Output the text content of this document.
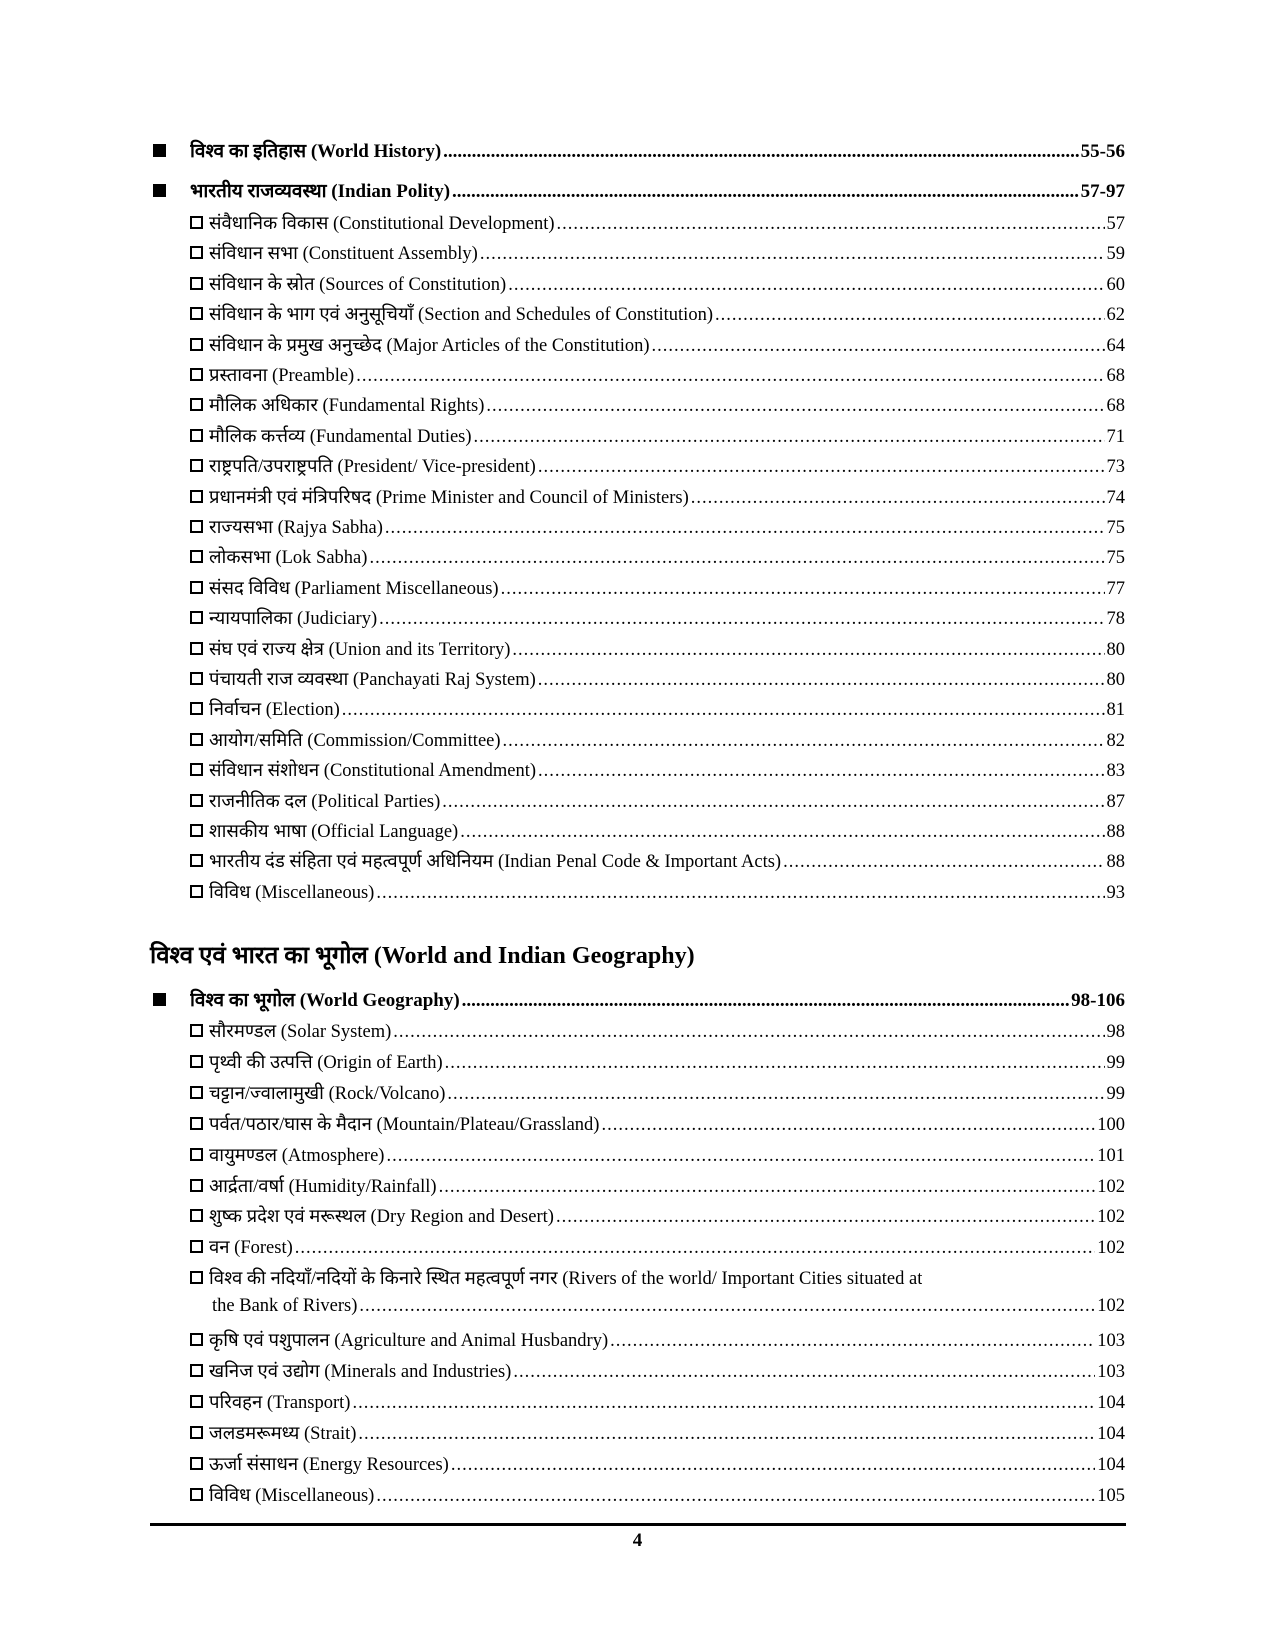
विश्व का इतिहास (World History) .....	55-56
भारतीय राजव्यवस्था (Indian Polity) .....	57-97
संवैधानिक विकास (Constitutional Development) .....	57
संविधान सभा (Constituent Assembly) .....	59
संविधान के स्रोत (Sources of Constitution) .....	60
संविधान के भाग एवं अनुसूचियाँ (Section and Schedules of Constitution) .....	62
संविधान के प्रमुख अनुच्छेद (Major Articles of the Constitution) .....	64
प्रस्तावना (Preamble) .....	68
मौलिक अधिकार (Fundamental Rights) .....	68
मौलिक कर्त्तव्य (Fundamental Duties) .....	71
राष्ट्रपति/उपराष्ट्रपति (President/ Vice-president) .....	73
प्रधानमंत्री एवं मंत्रिपरिषद (Prime Minister and Council of Ministers) .....	74
राज्यसभा (Rajya Sabha) .....	75
लोकसभा (Lok Sabha) .....	75
संसद विविध (Parliament Miscellaneous) .....	77
न्यायपालिका (Judiciary) .....	78
संघ एवं राज्य क्षेत्र (Union and its Territory) .....	80
पंचायती राज व्यवस्था (Panchayati Raj System) .....	80
निर्वाचन (Election) .....	81
आयोग/समिति (Commission/Committee) .....	82
संविधान संशोधन (Constitutional Amendment) .....	83
राजनीतिक दल (Political Parties) .....	87
शासकीय भाषा (Official Language) .....	88
भारतीय दंड संहिता एवं महत्वपूर्ण अधिनियम (Indian Penal Code & Important Acts) .....	88
विविध (Miscellaneous) .....	93
विश्व का भूगोल (World Geography) .....	98-106
सौरमण्डल (Solar System) .....	98
पृथ्वी की उत्पत्ति (Origin of Earth) .....	99
चट्टान/ज्वालामुखी (Rock/Volcano) .....	99
पर्वत/पठार/घास के मैदान (Mountain/Plateau/Grassland) .....	100
वायुमण्डल (Atmosphere) .....	101
आर्द्रता/वर्षा (Humidity/Rainfall) .....	102
शुष्क प्रदेश एवं मरूस्थल (Dry Region and Desert) .....	102
वन (Forest) .....	102
विश्व की नदियाँ/नदियों के किनारे स्थित महत्वपूर्ण नगर (Rivers of the world/ Important Cities situated at
the Bank of Rivers) .....	102
कृषि एवं पशुपालन (Agriculture and Animal Husbandry) .....	103
खनिज एवं उद्योग (Minerals and Industries) .....	103
परिवहन (Transport) .....	104
जलडमरूमध्य (Strait) .....	104
ऊर्जा संसाधन (Energy Resources) .....	104
विविध (Miscellaneous) .....	105
विश्व एवं भारत का भूगोल (World and Indian Geography)
4
